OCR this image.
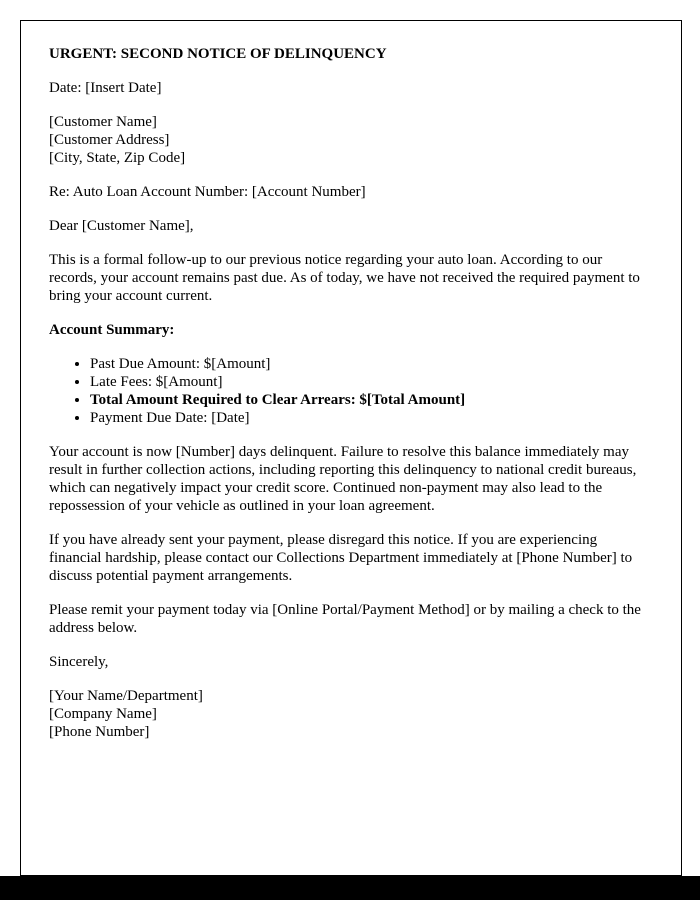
URGENT: SECOND NOTICE OF DELINQUENCY

Date: [Insert Date]

[Customer Name]
[Customer Address]
[City, State, Zip Code]

Re: Auto Loan Account Number: [Account Number]

Dear [Customer Name],

This is a formal follow-up to our previous notice regarding your auto loan. According to our records, your account remains past due. As of today, we have not received the required payment to bring your account current.

Account Summary:

• Past Due Amount: $[Amount]
• Late Fees: $[Amount]
• Total Amount Required to Clear Arrears: $[Total Amount]
• Payment Due Date: [Date]

Your account is now [Number] days delinquent. Failure to resolve this balance immediately may result in further collection actions, including reporting this delinquency to national credit bureaus, which can negatively impact your credit score. Continued non-payment may also lead to the repossession of your vehicle as outlined in your loan agreement.

If you have already sent your payment, please disregard this notice. If you are experiencing financial hardship, please contact our Collections Department immediately at [Phone Number] to discuss potential payment arrangements.

Please remit your payment today via [Online Portal/Payment Method] or by mailing a check to the address below.

Sincerely,

[Your Name/Department]
[Company Name]
[Phone Number]
